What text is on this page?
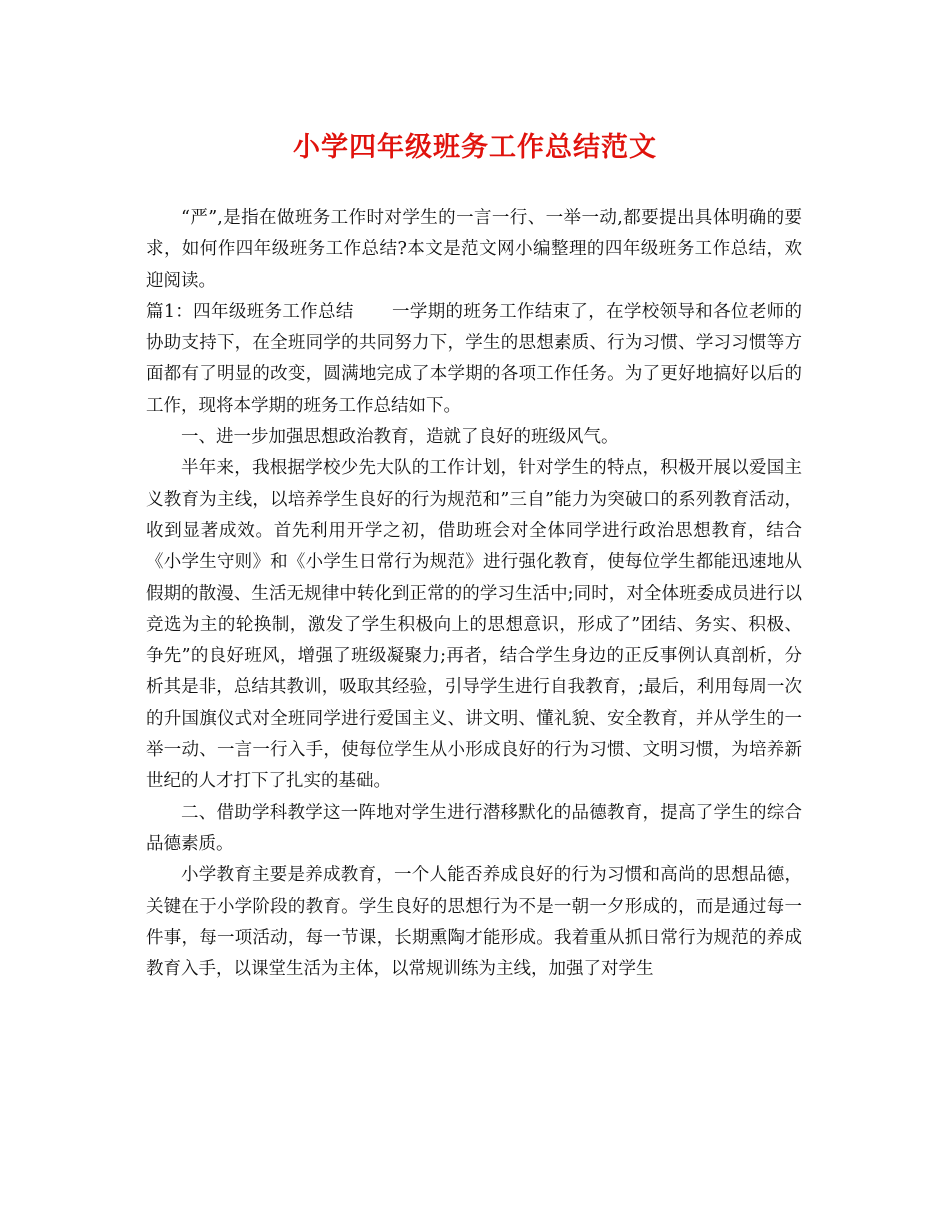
小学四年级班务工作总结范文

“严”,是指在做班务工作时对学生的一言一行、一举一动,都要提出具体明确的要求，如何作四年级班务工作总结?本文是范文网小编整理的四年级班务工作总结，欢迎阅读。

篇1：四年级班务工作总结 一学期的班务工作结束了，在学校领导和各位老师的协助支持下，在全班同学的共同努力下，学生的思想素质、行为习惯、学习习惯等方面都有了明显的改变，圆满地完成了本学期的各项工作任务。为了更好地搞好以后的工作，现将本学期的班务工作总结如下。

一、进一步加强思想政治教育，造就了良好的班级风气。

半年来，我根据学校少先大队的工作计划，针对学生的特点，积极开展以爱国主义教育为主线，以培养学生良好的行为规范和”三自”能力为突破口的系列教育活动，收到显著成效。首先利用开学之初，借助班会对全体同学进行政治思想教育，结合《小学生守则》和《小学生日常行为规范》进行强化教育，使每位学生都能迅速地从假期的散漫、生活无规律中转化到正常的的学习生活中;同时，对全体班委成员进行以竞选为主的轮换制，激发了学生积极向上的思想意识，形成了”团结、务实、积极、争先”的良好班风，增强了班级凝聚力;再者，结合学生身边的正反事例认真剖析，分析其是非，总结其教训，吸取其经验，引导学生进行自我教育，;最后，利用每周一次的升国旗仪式对全班同学进行爱国主义、讲文明、懂礼貌、安全教育，并从学生的一举一动、一言一行入手，使每位学生从小形成良好的行为习惯、文明习惯，为培养新世纪的人才打下了扎实的基础。

二、借助学科教学这一阵地对学生进行潜移默化的品德教育，提高了学生的综合品德素质。

小学教育主要是养成教育，一个人能否养成良好的行为习惯和高尚的思想品德，关键在于小学阶段的教育。学生良好的思想行为不是一朝一夕形成的，而是通过每一件事，每一项活动，每一节课，长期熏陶才能形成。我着重从抓日常行为规范的养成教育入手，以课堂生活为主体，以常规训练为主线，加强了对学生
